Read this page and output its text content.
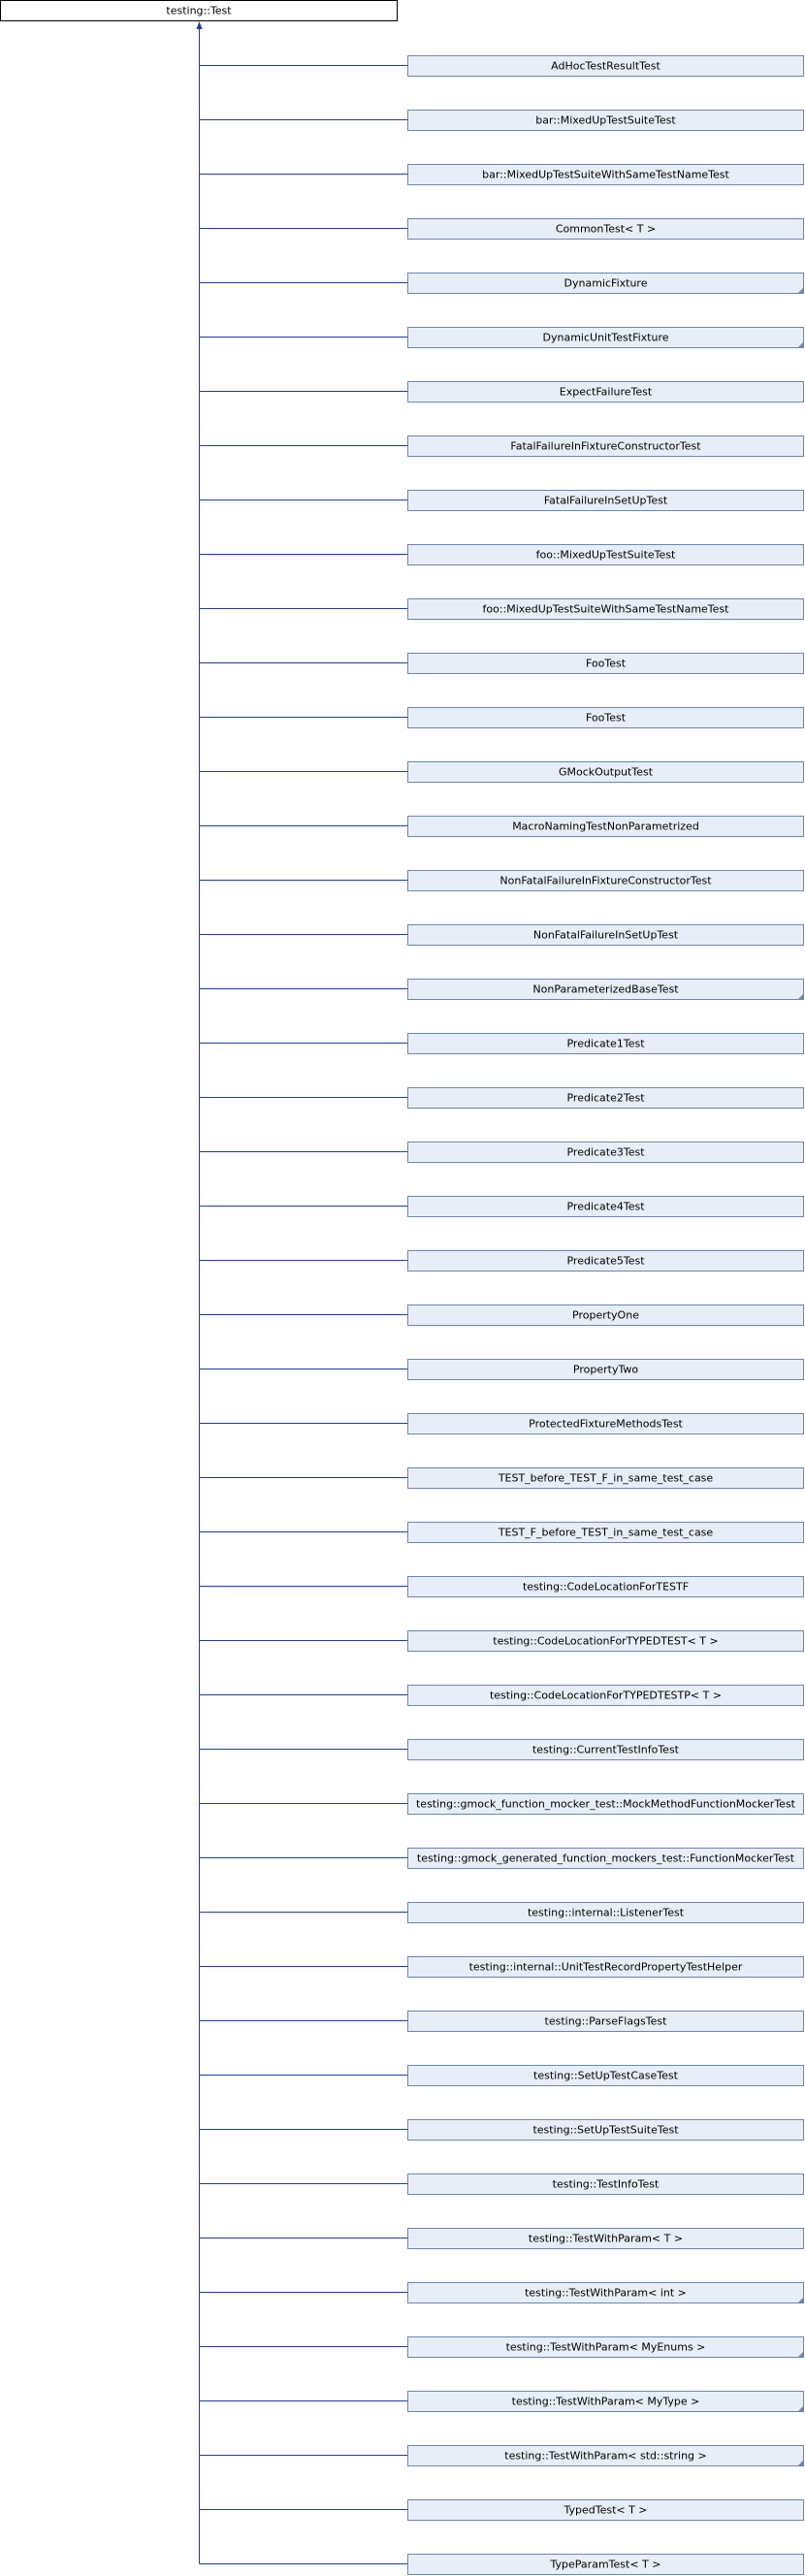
testing::Test
AdHocTestResultTest
bar::MixedUpTestSuiteTest
bar::MixedUpTestSuiteWithSameTestNameTest
CommonTest< T >
DynamicFixture
DynamicUnitTestFixture
ExpectFailureTest
FatalFailureInFixtureConstructorTest
FatalFailureInSetUpTest
foo::MixedUpTestSuiteTest
foo::MixedUpTestSuiteWithSameTestNameTest
FooTest
FooTest
GMockOutputTest
MacroNamingTestNonParametrized
NonFatalFailureInFixtureConstructorTest
NonFatalFailureInSetUpTest
NonParameterizedBaseTest
Predicate1Test
Predicate2Test
Predicate3Test
Predicate4Test
Predicate5Test
PropertyOne
PropertyTwo
ProtectedFixtureMethodsTest
TEST_before_TEST_F_in_same_test_case
TEST_F_before_TEST_in_same_test_case
testing::CodeLocationForTESTF
testing::CodeLocationForTYPEDTEST< T >
testing::CodeLocationForTYPEDTESTP< T >
testing::CurrentTestInfoTest
testing::gmock_function_mocker_test::MockMethodFunctionMockerTest
testing::gmock_generated_function_mockers_test::FunctionMockerTest
testing::internal::ListenerTest
testing::internal::UnitTestRecordPropertyTestHelper
testing::ParseFlagsTest
testing::SetUpTestCaseTest
testing::SetUpTestSuiteTest
testing::TestInfoTest
testing::TestWithParam< T >
testing::TestWithParam< int >
testing::TestWithParam< MyEnums >
testing::TestWithParam< MyType >
testing::TestWithParam< std::string >
TypedTest< T >
TypeParamTest< T >
